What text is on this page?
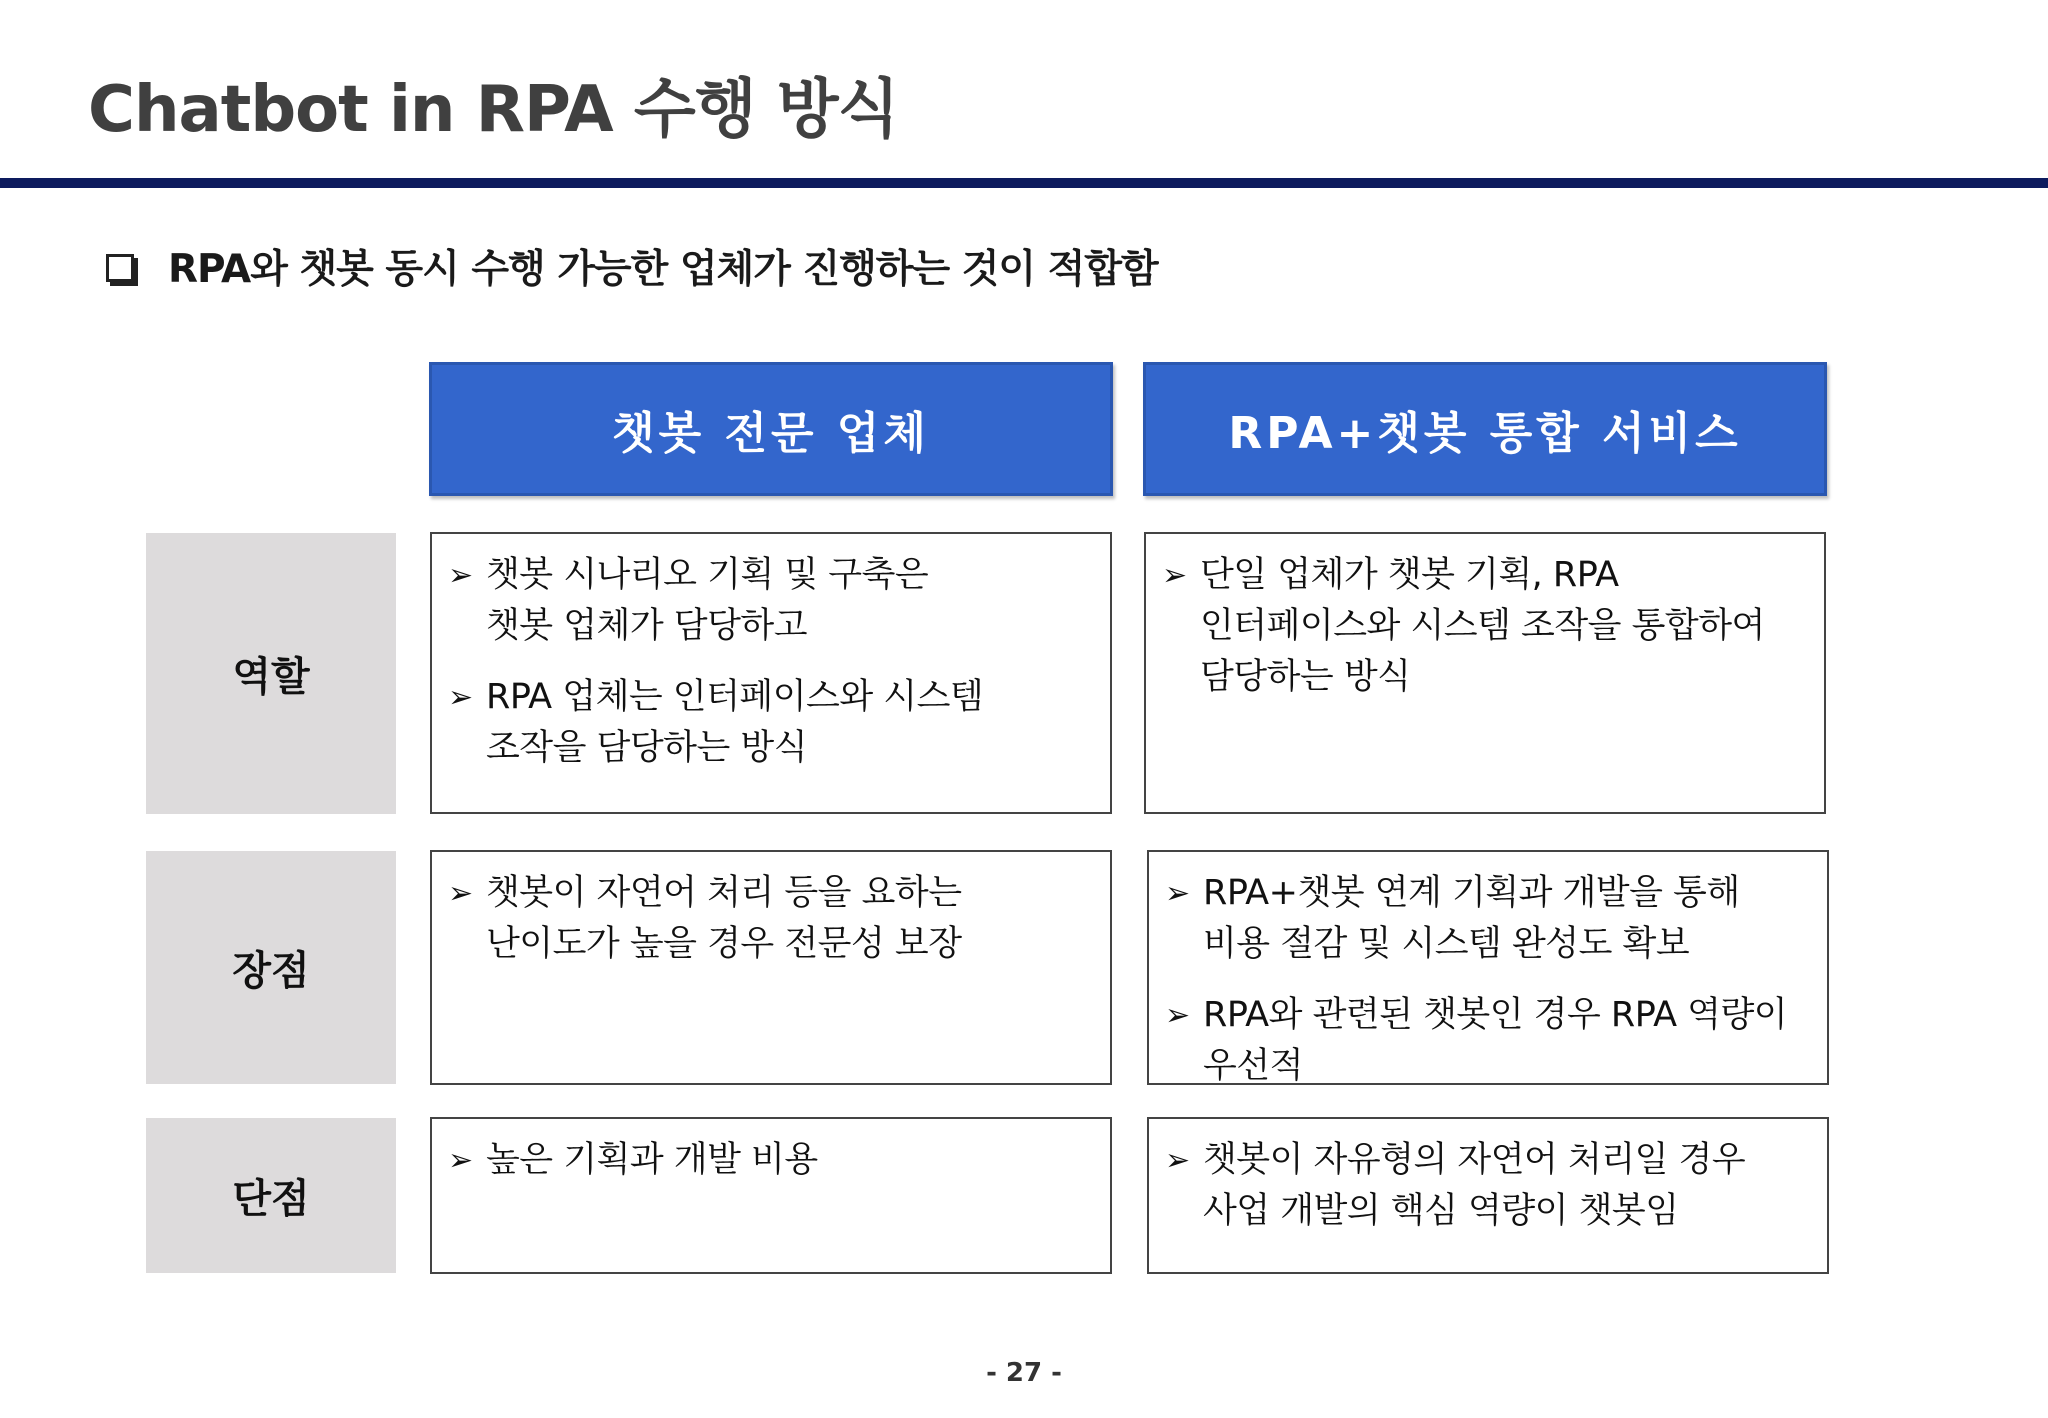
Chatbot in RPA 수행 방식
RPA와 챗봇 동시 수행 가능한 업체가 진행하는 것이 적합함
챗봇 전문 업체	RPA+챗봇 통합 서비스
역할
장점
단점
➢ 챗봇 시나리오 기획 및 구축은
챗봇 업체가 담당하고
➢ RPA 업체는 인터페이스와 시스템
조작을 담당하는 방식
➢ 단일 업체가 챗봇 기획, RPA
인터페이스와 시스템 조작을 통합하여
담당하는 방식
➢ 챗봇이 자연어 처리 등을 요하는
난이도가 높을 경우 전문성 보장
➢ RPA+챗봇 연계 기획과 개발을 통해
비용 절감 및 시스템 완성도 확보
➢ RPA와 관련된 챗봇인 경우 RPA 역량이
우선적
➢ 높은 기획과 개발 비용	➢ 챗봇이 자유형의 자연어 처리일 경우
사업 개발의 핵심 역량이 챗봇임
- 27 -
